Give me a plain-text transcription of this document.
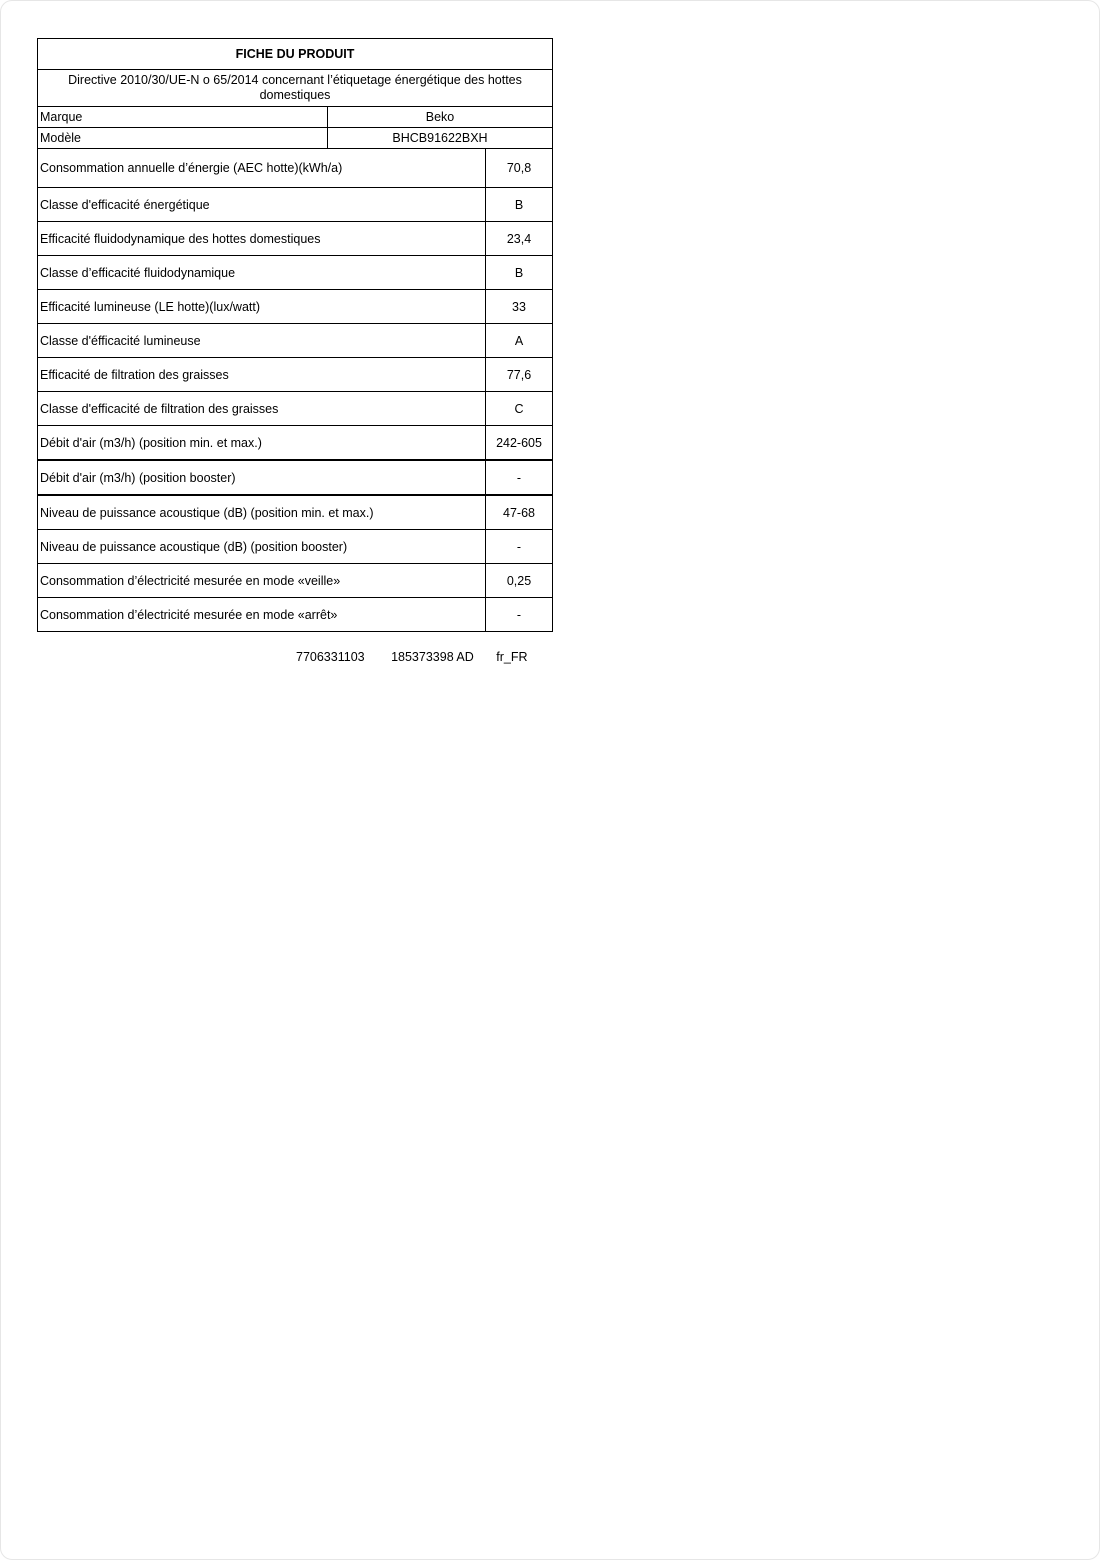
FICHE DU PRODUIT		
Directive 2010/30/UE-N o 65/2014 concernant l’étiquetage énergétique des hottes domestiques		
Marque	Beko	
Modèle	BHCB91622BXH	
Consommation annuelle d’énergie (AEC hotte)(kWh/a)		70,8
Classe d'efficacité énergétique		B
Efficacité fluidodynamique des hottes domestiques		23,4
Classe d’efficacité fluidodynamique		B
Efficacité lumineuse (LE hotte)(lux/watt)		33
Classe d'éfficacité lumineuse		A
Efficacité de filtration des graisses		77,6
Classe d'efficacité de filtration des graisses		C
Débit d'air (m3/h) (position min. et max.)		242-605
Débit d'air (m3/h) (position booster)		-
Niveau de puissance acoustique (dB) (position min. et max.)		47-68
Niveau de puissance acoustique (dB) (position booster)		-
Consommation d’électricité mesurée en mode «veille»		0,25
Consommation d’électricité mesurée en mode «arrêt»		-
7706331103 185373398 AD fr_FR
